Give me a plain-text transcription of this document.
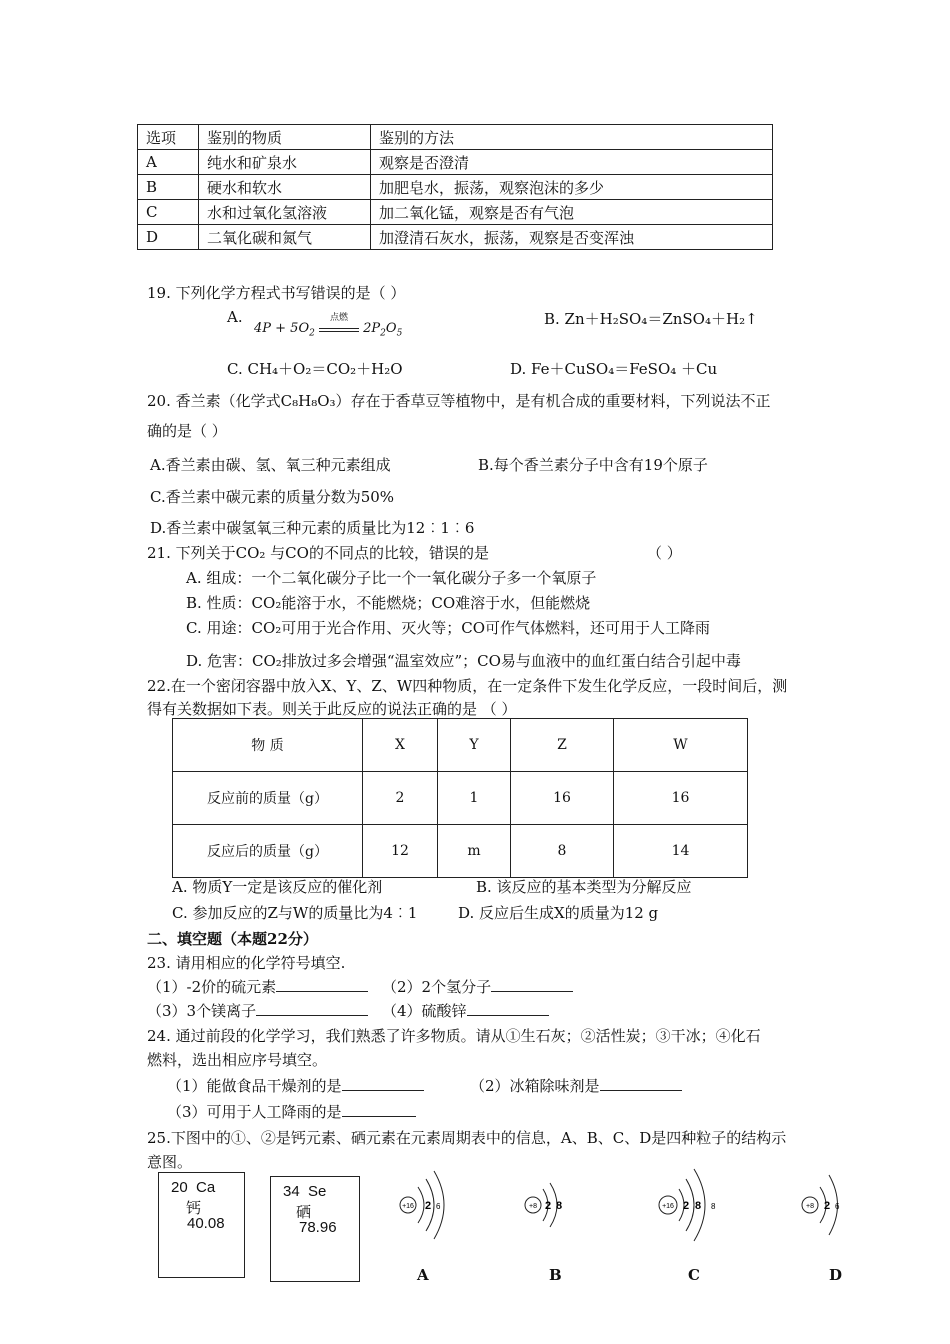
选项	鉴别的物质	鉴别的方法
A	纯水和矿泉水	观察是否澄清
B	硬水和软水	加肥皂水，振荡，观察泡沫的多少
C	水和过氧化氢溶液	加二氧化锰，观察是否有气泡
D	二氧化碳和氮气	加澄清石灰水，振荡，观察是否变浑浊
19. 下列化学方程式书写错误的是（ ）
A.
$4P + 5O_2$
点燃
$2P_2O_5$
B. Zn＋H₂SO₄＝ZnSO₄＋H₂↑
C. CH₄＋O₂＝CO₂＋H₂O	D. Fe＋CuSO₄＝FeSO₄ ＋Cu
20. 香兰素（化学式C₈H₈O₃）存在于香草豆等植物中，是有机合成的重要材料，下列说法不正
确的是（ ）
A.香兰素由碳、氢、氧三种元素组成	B.每个香兰素分子中含有19个原子
C.香兰素中碳元素的质量分数为50%
D.香兰素中碳氢氧三种元素的质量比为12︰1︰6
21. 下列关于CO₂ 与CO的不同点的比较，错误的是	（ ）
A. 组成：一个二氧化碳分子比一个一氧化碳分子多一个氧原子
B. 性质：CO₂能溶于水，不能燃烧；CO难溶于水，但能燃烧
C. 用途：CO₂可用于光合作用、灭火等；CO可作气体燃料，还可用于人工降雨
D. 危害：CO₂排放过多会增强“温室效应”；CO易与血液中的血红蛋白结合引起中毒
22.在一个密闭容器中放入X、Y、Z、W四种物质，在一定条件下发生化学反应，一段时间后，测
得有关数据如下表。则关于此反应的说法正确的是 （ ）
物 质	X	Y	Z	W
反应前的质量（g）	2	1	16	16
反应后的质量（g）	12	m	8	14
A. 物质Y一定是该反应的催化剂	B. 该反应的基本类型为分解反应
C. 参加反应的Z与W的质量比为4︰1	D. 反应后生成X的质量为12 g
二、填空题（本题22分）
23. 请用相应的化学符号填空.
（1）-2价的硫元素	（2）2个氢分子
（3）3个镁离子	（4）硫酸锌
24. 通过前段的化学学习，我们熟悉了许多物质。请从①生石灰；②活性炭；③干冰；④化石
燃料，选出相应序号填空。
（1）能做食品干燥剂的是	（2）冰箱除味剂是
（3）可用于人工降雨的是
25.下图中的①、②是钙元素、硒元素在元素周期表中的信息，A、B、C、D是四种粒子的结构示
意图。
20 Ca
钙
40.08
34 Se
硒
78.96
+16 2 6	+8 2 8	+16 2 8 8	+8 2 6
A	B	C	D
